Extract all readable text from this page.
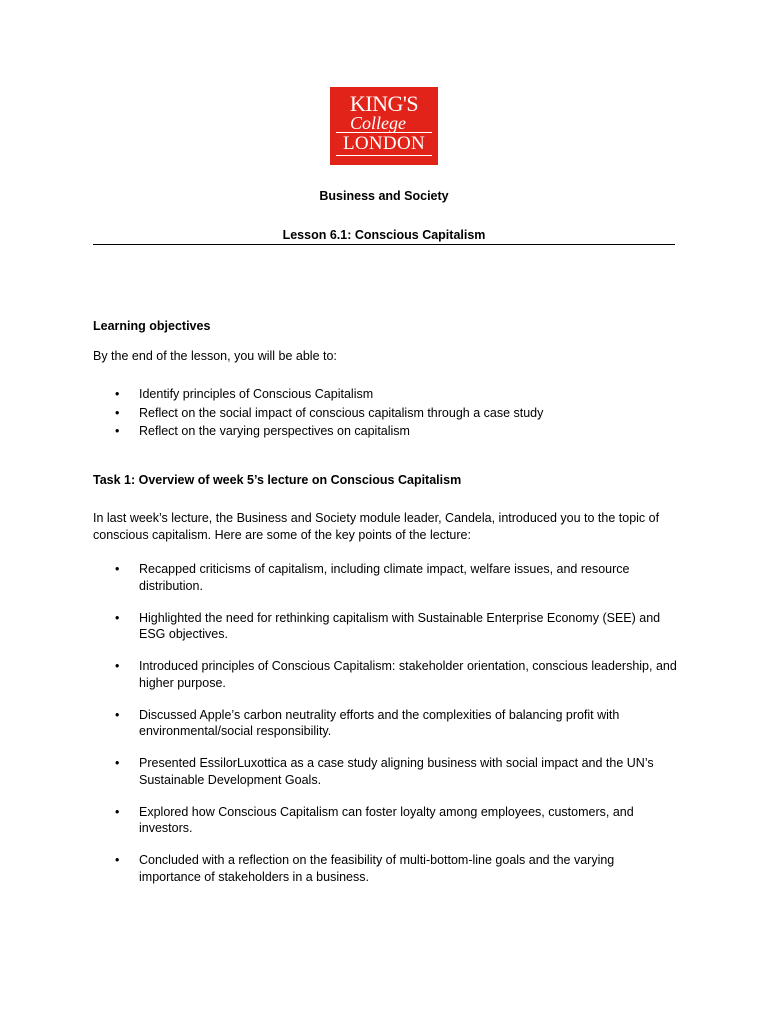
KING'S
College
LONDON
Business and Society
Lesson 6.1: Conscious Capitalism
Learning objectives
By the end of the lesson, you will be able to:
• Identify principles of Conscious Capitalism
• Reflect on the social impact of conscious capitalism through a case study
• Reflect on the varying perspectives on capitalism
Task 1: Overview of week 5’s lecture on Conscious Capitalism
In last week’s lecture, the Business and Society module leader, Candela, introduced you to the topic of conscious capitalism. Here are some of the key points of the lecture:
• Recapped criticisms of capitalism, including climate impact, welfare issues, and resource distribution.
• Highlighted the need for rethinking capitalism with Sustainable Enterprise Economy (SEE) and ESG objectives.
• Introduced principles of Conscious Capitalism: stakeholder orientation, conscious leadership, and higher purpose.
• Discussed Apple’s carbon neutrality efforts and the complexities of balancing profit with environmental/social responsibility.
• Presented EssilorLuxottica as a case study aligning business with social impact and the UN’s Sustainable Development Goals.
• Explored how Conscious Capitalism can foster loyalty among employees, customers, and investors.
• Concluded with a reflection on the feasibility of multi-bottom-line goals and the varying importance of stakeholders in a business.
